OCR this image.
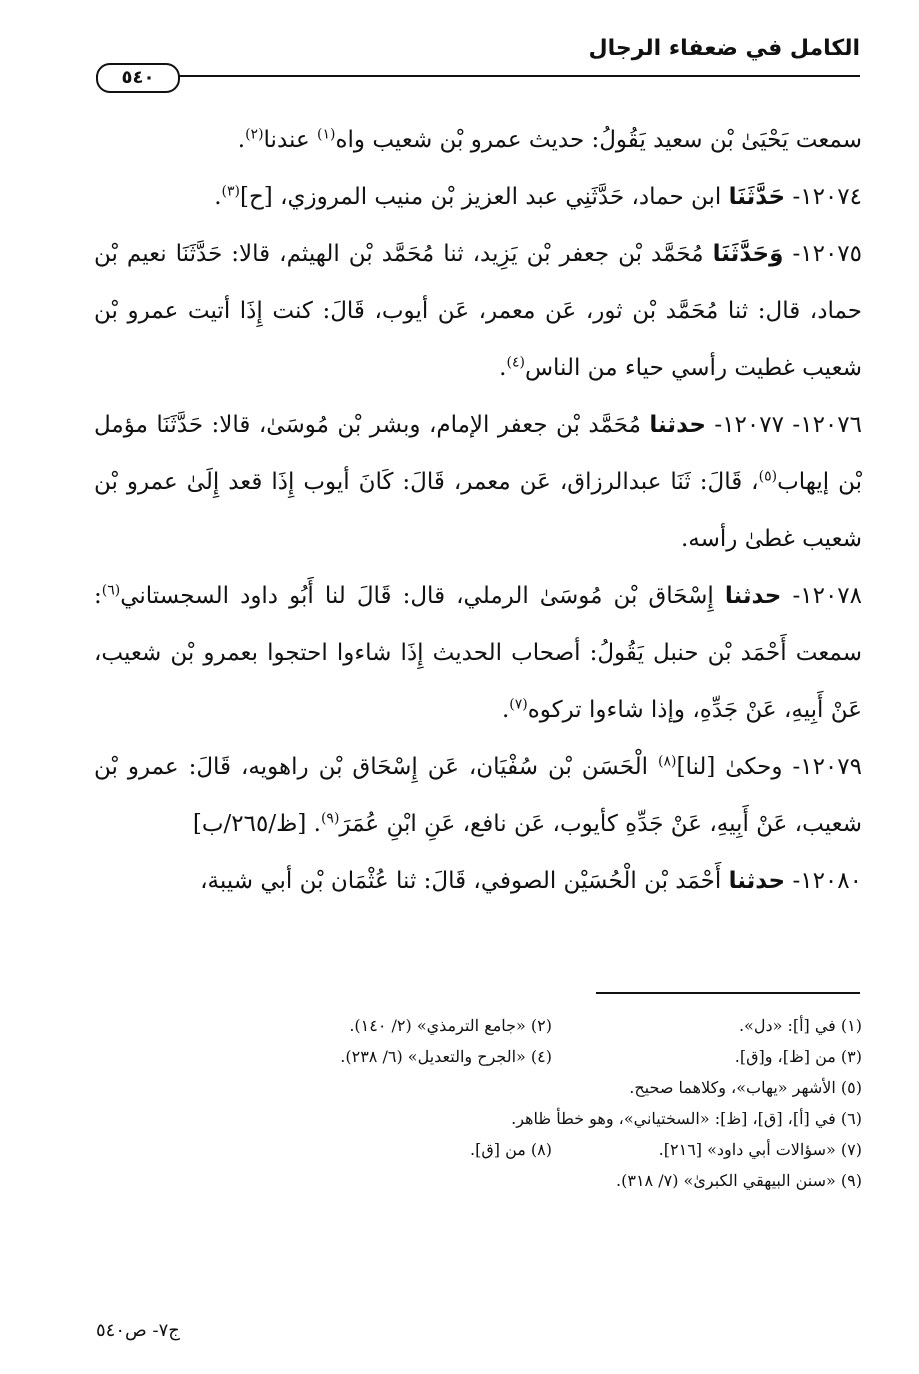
الكامل في ضعفاء الرجال
٥٤٠

سمعت يَحْيَىٰ بْن سعيد يَقُولُ: حديث عمرو بْن شعيب واه$^{(١)}$ عندنا$^{(٢)}$.

١٢٠٧٤- حَدَّثَنَا ابن حماد، حَدَّثَنِي عبد العزيز بْن منيب المروزي، [ح]$^{(٣)}$.

١٢٠٧٥- وَحَدَّثَنَا مُحَمَّد بْن جعفر بْن يَزِيد، ثنا مُحَمَّد بْن الهيثم، قالا: حَدَّثَنَا نعيم بْن حماد، قال: ثنا مُحَمَّد بْن ثور، عَن معمر، عَن أيوب، قَالَ: كنت إِذَا أتيت عمرو بْن شعيب غطيت رأسي حياء من الناس$^{(٤)}$.

١٢٠٧٦- ١٢٠٧٧- حدثنا مُحَمَّد بْن جعفر الإمام، وبشر بْن مُوسَىٰ، قالا: حَدَّثَنَا مؤمل بْن إيهاب$^{(٥)}$، قَالَ: ثَنَا عبدالرزاق، عَن معمر، قَالَ: كَانَ أيوب إِذَا قعد إِلَىٰ عمرو بْن شعيب غطىٰ رأسه.

١٢٠٧٨- حدثنا إِسْحَاق بْن مُوسَىٰ الرملي، قال: قَالَ لنا أَبُو داود السجستاني$^{(٦)}$: سمعت أَحْمَد بْن حنبل يَقُولُ: أصحاب الحديث إِذَا شاءوا احتجوا بعمرو بْن شعيب، عَنْ أَبِيهِ، عَنْ جَدِّهِ، وإذا شاءوا تركوه$^{(٧)}$.

١٢٠٧٩- وحكىٰ [لنا]$^{(٨)}$ الْحَسَن بْن سُفْيَان، عَن إِسْحَاق بْن راهويه، قَالَ: عمرو بْن شعيب، عَنْ أَبِيهِ، عَنْ جَدِّهِ كأيوب، عَن نافع، عَنِ ابْنِ عُمَرَ$^{(٩)}$. [ظ/٢٦٥/ب]

١٢٠٨٠- حدثنا أَحْمَد بْن الْحُسَيْن الصوفي، قَالَ: ثنا عُثْمَان بْن أبي شيبة،

(١) في [أ]: «دل».
(٢) «جامع الترمذي» (٢/ ١٤٠).
(٣) من [ظ]، و[ق].
(٤) «الجرح والتعديل» (٦/ ٢٣٨).
(٥) الأشهر «يهاب»، وكلاهما صحيح.
(٦) في [أ]، [ق]، [ظ]: «السختياني»، وهو خطأ ظاهر.
(٧) «سؤالات أبي داود» [٢١٦].
(٨) من [ق].
(٩) «سنن البيهقي الكبرىٰ» (٧/ ٣١٨).
ج٧- ص٥٤٠
